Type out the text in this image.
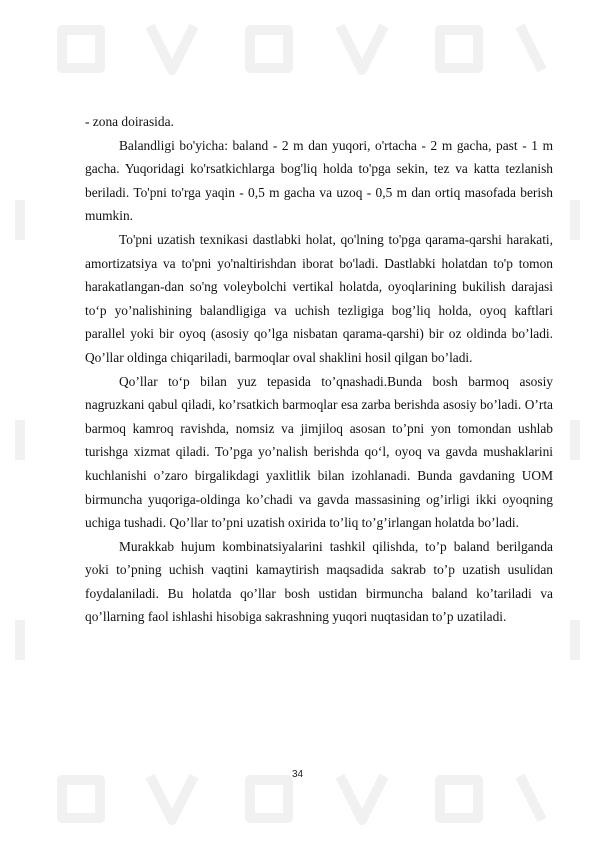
- zona doirasida.

Balandligi bo'yicha: baland - 2 m dan yuqori, o'rtacha - 2 m gacha, past - 1 m gacha. Yuqoridagi ko'rsatkichlarga bog'liq holda to'pga sekin, tez va katta tezlanish beriladi. To'pni to'rga yaqin - 0,5 m gacha va uzoq - 0,5 m dan ortiq masofada berish mumkin.

To'pni uzatish texnikasi dastlabki holat, qo'lning to'pga qarama-qarshi harakati, amortizatsiya va to'pni yo'naltirishdan iborat bo'ladi. Dastlabki holatdan to'p tomon harakatlangan-dan so'ng voleybolchi vertikal holatda, oyoqlarining bukilish darajasi to‘p yo’nalishining balandligiga va uchish tezligiga bog’liq holda, oyoq kaftlari parallel yoki bir oyoq (asosiy qo’lga nisbatan qarama-qarshi) bir oz oldinda bo’ladi. Qo’llar oldinga chiqariladi, barmoqlar oval shaklini hosil qilgan bo’ladi.

Qo’llar to‘p bilan yuz tepasida to’qnashadi.Bunda bosh barmoq asosiy nagruzkani qabul qiladi, ko’rsatkich barmoqlar esa zarba berishda asosiy bo’ladi. O’rta barmoq kamroq ravishda, nomsiz va jimjiloq asosan to’pni yon tomondan ushlab turishga xizmat qiladi. To’pga yo’nalish berishda qo‘l, oyoq va gavda mushaklarini kuchlanishi o’zaro birgalikdagi yaxlitlik bilan izohlanadi. Bunda gavdaning UOM birmuncha yuqoriga-oldinga ko’chadi va gavda massasining og’irligi ikki oyoqning uchiga tushadi. Qo’llar to’pni uzatish oxirida to’liq to’g’irlangan holatda bo’ladi.

Murakkab hujum kombinatsiyalarini tashkil qilishda, to’p baland berilganda yoki to’pning uchish vaqtini kamaytirish maqsadida sakrab to’p uzatish usulidan foydalaniladi. Bu holatda qo’llar bosh ustidan birmuncha baland ko’tariladi va qo’llarning faol ishlashi hisobiga sakrashning yuqori nuqtasidan to’p uzatiladi.

34
